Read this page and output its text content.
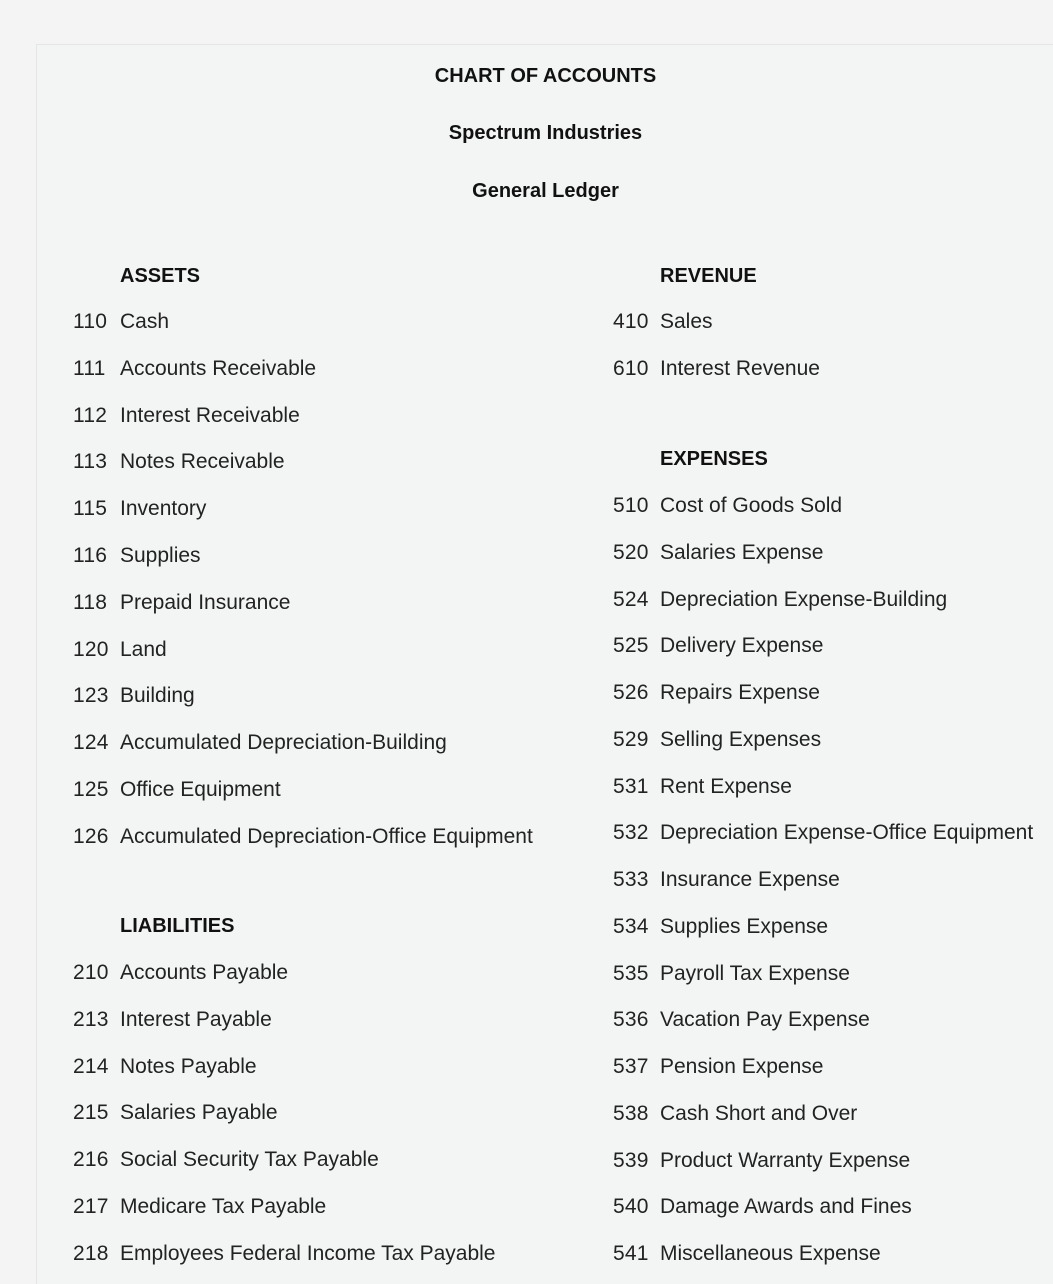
CHART OF ACCOUNTS
Spectrum Industries
General Ledger
ASSETS
110 Cash
111 Accounts Receivable
112 Interest Receivable
113 Notes Receivable
115 Inventory
116 Supplies
118 Prepaid Insurance
120 Land
123 Building
124 Accumulated Depreciation-Building
125 Office Equipment
126 Accumulated Depreciation-Office Equipment
LIABILITIES
210 Accounts Payable
213 Interest Payable
214 Notes Payable
215 Salaries Payable
216 Social Security Tax Payable
217 Medicare Tax Payable
218 Employees Federal Income Tax Payable
REVENUE
410 Sales
610 Interest Revenue
EXPENSES
510 Cost of Goods Sold
520 Salaries Expense
524 Depreciation Expense-Building
525 Delivery Expense
526 Repairs Expense
529 Selling Expenses
531 Rent Expense
532 Depreciation Expense-Office Equipment
533 Insurance Expense
534 Supplies Expense
535 Payroll Tax Expense
536 Vacation Pay Expense
537 Pension Expense
538 Cash Short and Over
539 Product Warranty Expense
540 Damage Awards and Fines
541 Miscellaneous Expense
